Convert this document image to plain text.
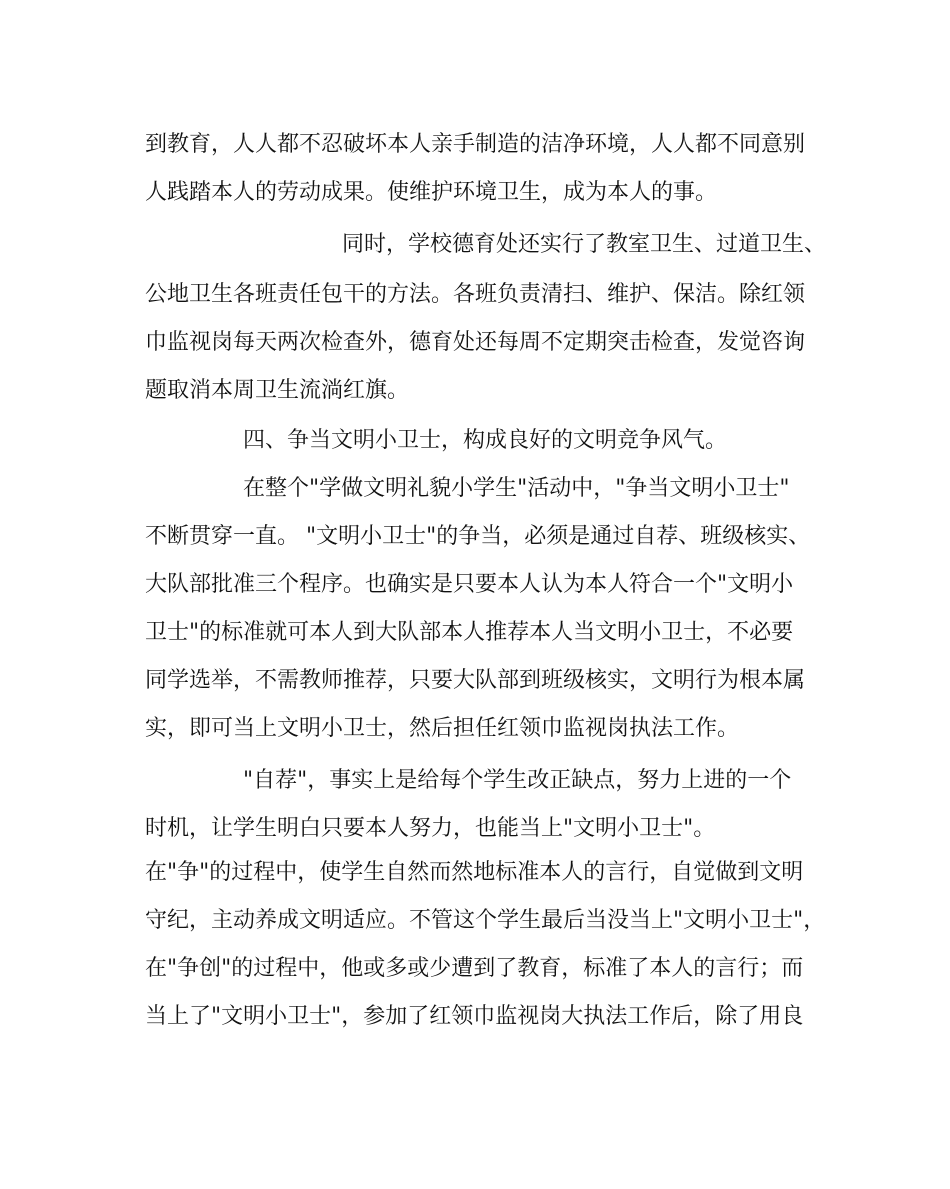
到教育，人人都不忍破坏本人亲手制造的洁净环境，人人都不同意别
人践踏本人的劳动成果。使维护环境卫生，成为本人的事。
同时，学校德育处还实行了教室卫生、过道卫生、
公地卫生各班责任包干的方法。各班负责清扫、维护、保洁。除红领
巾监视岗每天两次检查外，德育处还每周不定期突击检查，发觉咨询
题取消本周卫生流淌红旗。
四、争当文明小卫士，构成良好的文明竞争风气。
在整个"学做文明礼貌小学生"活动中，"争当文明小卫士"
不断贯穿一直。 "文明小卫士"的争当，必须是通过自荐、班级核实、
大队部批准三个程序。也确实是只要本人认为本人符合一个"文明小
卫士"的标准就可本人到大队部本人推荐本人当文明小卫士，不必要
同学选举，不需教师推荐，只要大队部到班级核实，文明行为根本属
实，即可当上文明小卫士，然后担任红领巾监视岗执法工作。
"自荐"，事实上是给每个学生改正缺点，努力上进的一个
时机，让学生明白只要本人努力，也能当上"文明小卫士"。
在"争"的过程中，使学生自然而然地标准本人的言行，自觉做到文明
守纪，主动养成文明适应。不管这个学生最后当没当上"文明小卫士"，
在"争创"的过程中，他或多或少遭到了教育，标准了本人的言行；而
当上了"文明小卫士"，参加了红领巾监视岗大执法工作后，除了用良
